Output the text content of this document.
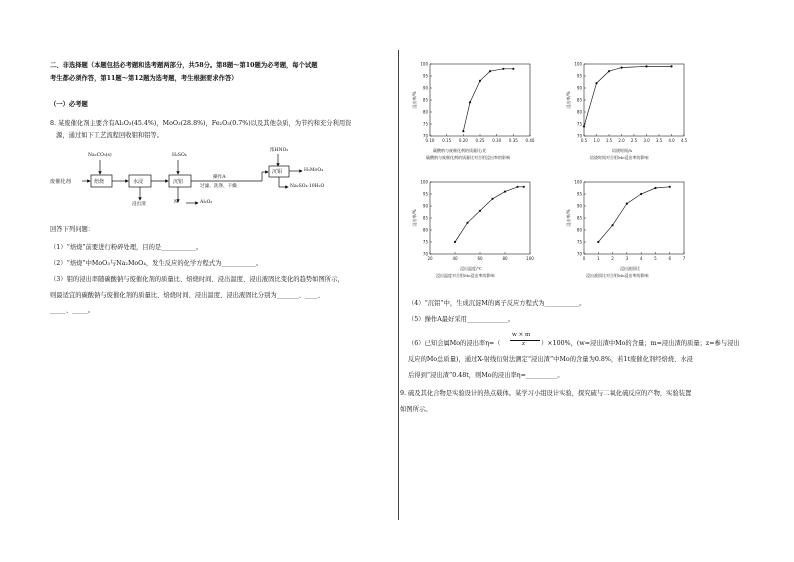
二、非选择题（本题包括必考题和选考题两部分，共58分。第8题～第10题为必考题，每个试题
考生都必须作答，第11题～第12题为选考题，考生根据要求作答）
（一）必考题
8. 某废催化剂主要含有Al₂O₃(45.4%)，MoO₃(28.8%)，Fe₂O₃(0.7%)以及其他杂质，为节约和充分利用资
源，通过如下工艺流程回收钼和铝等。
废催化剂
Na₂CO₃(s)
焙烧	水浸
H₂SO₄
沉铝
操作A
过滤、洗涤、干燥
浓HNO₃
沉钼	H₂MoO₄
Na₂SO₄·10H₂O
浸出渣	M	Al₂O₃
回答下列问题：
（1）“焙烧”前要进行粉碎处理，目的是___________。
（2）“焙烧”中MoO₃与Na₂MoO₄，发生反应的化学方程式为___________。
（3）钼的浸出率随碳酸钠与废催化剂的质量比、焙烧时间、浸出温度、浸出液固比变化的趋势如图所示，
则最适宜的碳酸钠与废催化剂的质量比、焙烧时间、浸出温度、浸出液固比分别为_______、____、
_____、_____。
0.10 0.15 0.20 0.25 0.30 0.35 0.40
70
75
80
85
90
95
100
浸出率/%
碳酸钠与废催化剂的质量比/比
碳酸钠与废催化剂的质量比对合钼浸出率的影响
0.5 1.0 1.5 2.0 2.5 3.0 3.5 4.0 4.5
70
75
80
85
90
95
100
浸出率/%
焙烧时间/h
焙烧时间对合钼Mo浸出率的影响
20	40	60	80	100
70
75
80
85
90
95
100
浸出率/%
浸出温度/℃
浸出温度对合钼Mo浸出率的影响
0	1	2	3	4	5	6	7
70
75
80
85
90
95
100
浸出率/%
浸出液固比
浸出液固比对合钼Mo浸出率的影响
（4）“沉铝”中，生成沉淀M的离子反应方程式为___________。
（5）操作A最好采用_____________。
（6）已知会属Mo的浸出率η=（
w × m
z	）×100%，(w=浸出渣中Mo的含量；m=浸出渣的质量；z=参与浸出
反应的Mo总质量)，通过X-射线衍射法测定“浸出渣”中Mo的含量为0.8%，若1t废催化剂经焙烧、水浸
后得到“浸出渣”0.48t，则Mo的浸出率η=__________。
9. 硫及其化合物是实验设计的热点载体。某学习小组设计实验，探究硫与二氧化硫反应的产物，实验装置
如图所示。
